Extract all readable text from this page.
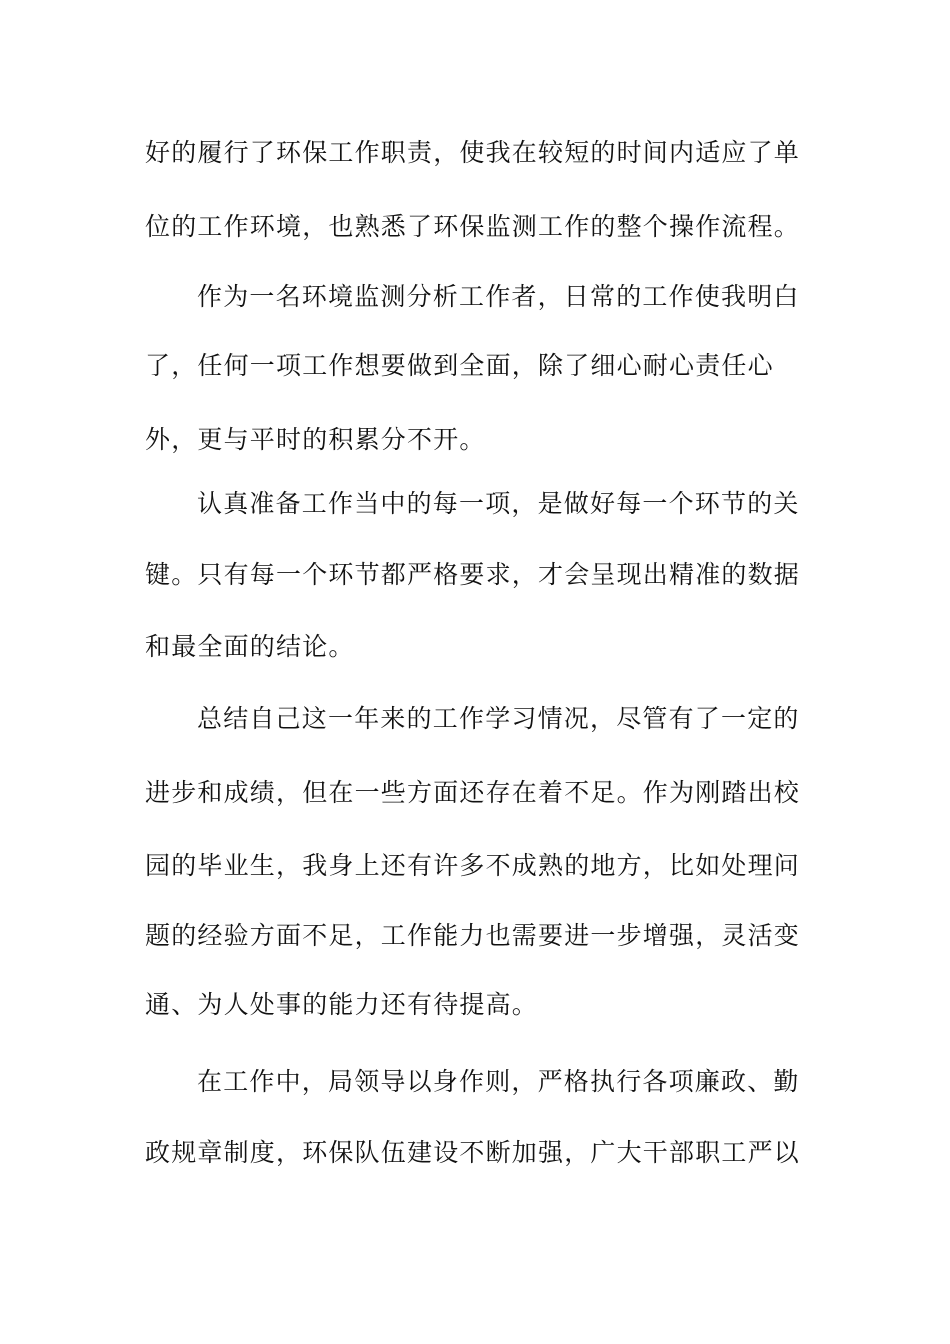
好的履行了环保工作职责，使我在较短的时间内适应了单
位的工作环境，也熟悉了环保监测工作的整个操作流程。
作为一名环境监测分析工作者，日常的工作使我明白
了，任何一项工作想要做到全面，除了细心耐心责任心
外，更与平时的积累分不开。
认真准备工作当中的每一项，是做好每一个环节的关
键。只有每一个环节都严格要求，才会呈现出精准的数据
和最全面的结论。
总结自己这一年来的工作学习情况，尽管有了一定的
进步和成绩，但在一些方面还存在着不足。作为刚踏出校
园的毕业生，我身上还有许多不成熟的地方，比如处理问
题的经验方面不足，工作能力也需要进一步增强，灵活变
通、为人处事的能力还有待提高。
在工作中，局领导以身作则，严格执行各项廉政、勤
政规章制度，环保队伍建设不断加强，广大干部职工严以
